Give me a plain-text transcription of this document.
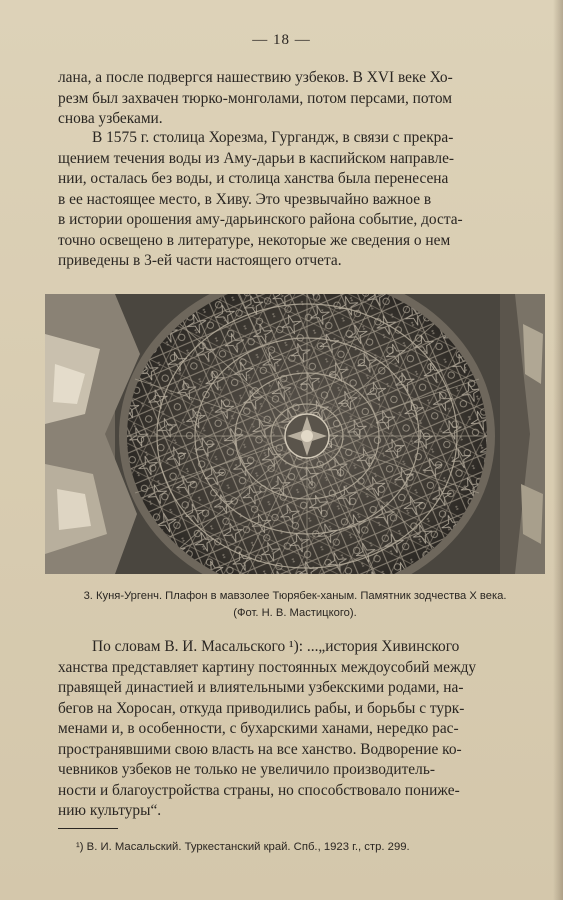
— 18 —

лана, а после подвергся нашествию узбеков. В XVI веке Хо-

резм был захвачен тюрко-монголами, потом персами, потом

снова узбеками.

В 1575 г. столица Хорезма, Гургандж, в связи с прекра-

щением течения воды из Аму-дарьи в каспийском направле-

нии, осталась без воды, и столица ханства была перенесена

в ее настоящее место, в Хиву. Это чрезвычайно важное в

в истории орошения аму-дарьинского района событие, доста-

точно освещено в литературе, некоторые же сведения о нем

приведены в 3-ей части настоящего отчета.

3. Куня-Ургенч. Плафон в мавзолее Тюрябек-ханым. Памятник зодчества X века.
(Фот. Н. В. Мастицкого).

По словам В. И. Масальского ¹): ...„история Хивинского

ханства представляет картину постоянных междоусобий между

правящей династией и влиятельными узбекскими родами, на-

бегов на Хоросан, откуда приводились рабы, и борьбы с турк-

менами и, в особенности, с бухарскими ханами, нередко рас-

пространявшими свою власть на все ханство. Водворение ко-

чевников узбеков не только не увеличило производитель-

ности и благоустройства страны, но способствовало пониже-

нию культуры“.

¹) В. И. Масальский. Туркестанский край. Спб., 1923 г., стр. 299.
